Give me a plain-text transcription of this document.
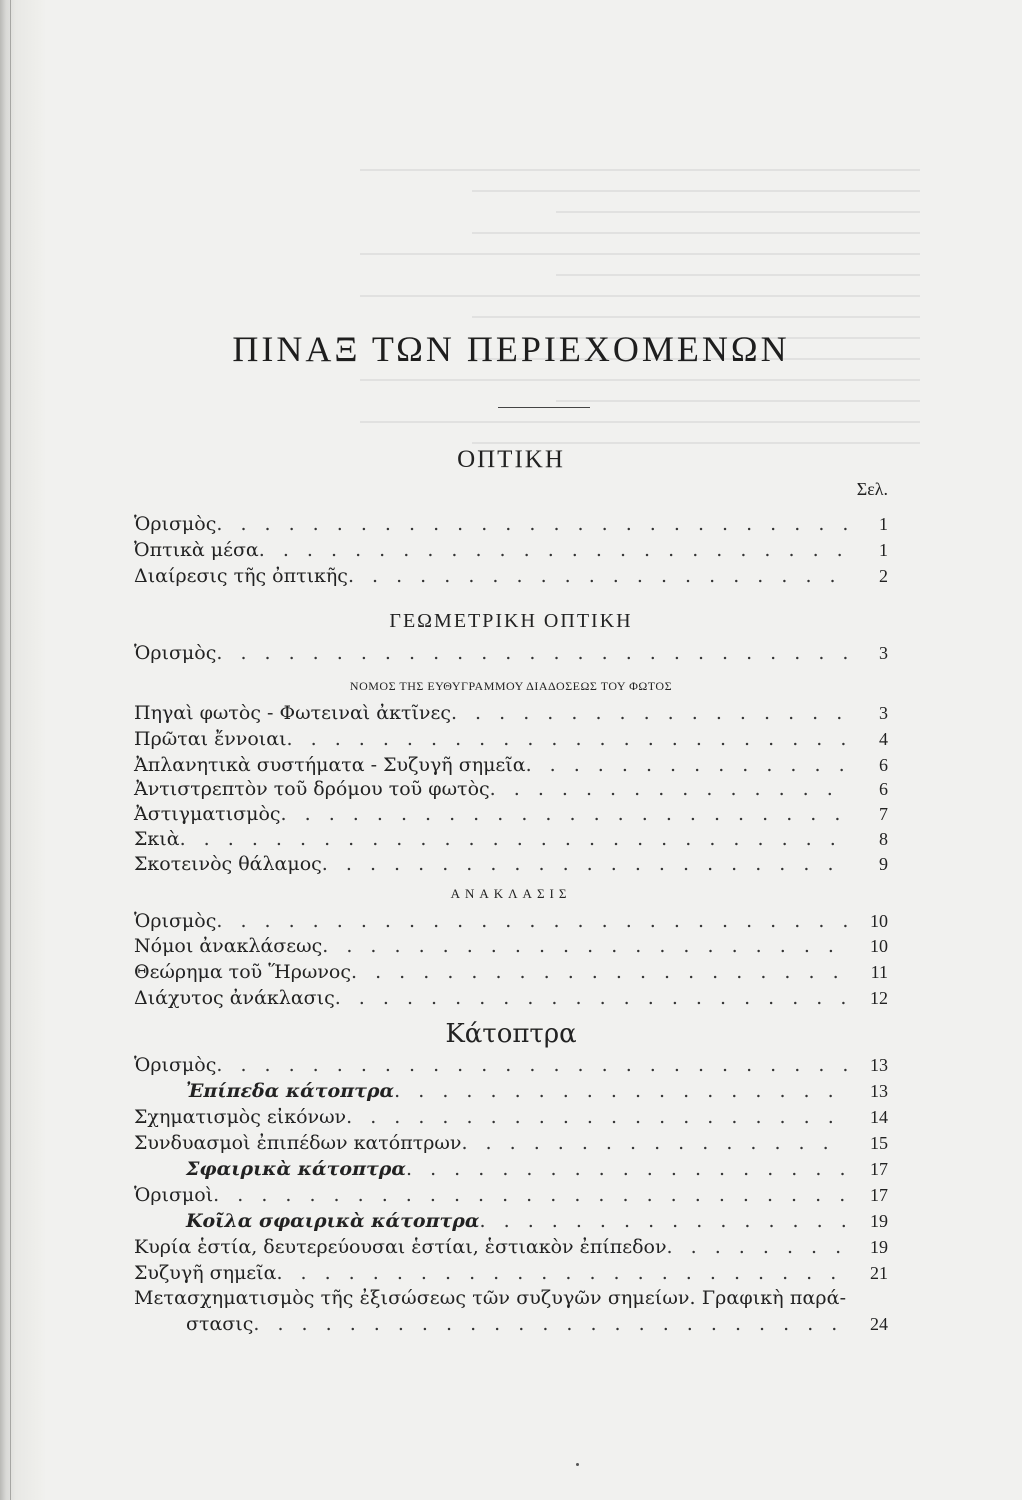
ΠΙΝΑΞ ΤΩΝ ΠΕΡΙΕΧΟΜΕΝΩΝ
ΟΠΤΙΚΗ
Σελ.
Ὁρισμὸς . . .	1
Ὀπτικὰ μέσα . . .	1
Διαίρεσις τῆς ὀπτικῆς . . .	2
ΓΕΩΜΕΤΡΙΚΗ ΟΠΤΙΚΗ
Ὁρισμὸς . . .	3
ΝΟΜΟΣ ΤΗΣ ΕΥΘΥΓΡΑΜΜΟΥ ΔΙΑΔΟΣΕΩΣ ΤΟΥ ΦΩΤΟΣ
Πηγαὶ φωτὸς - Φωτειναὶ ἀκτῖνες . . .	3
Πρῶται ἔννοιαι . . .	4
Ἀπλανητικὰ συστήματα - Συζυγῆ σημεῖα . . .	6
Ἀντιστρεπτὸν τοῦ δρόμου τοῦ φωτὸς . . .	6
Ἀστιγματισμὸς . . .	7
Σκιὰ . . .	8
Σκοτεινὸς θάλαμος . . .	9
ΑΝΑΚΛΑΣΙΣ
Ὁρισμὸς . . .	10
Νόμοι ἀνακλάσεως . . .	10
Θεώρημα τοῦ Ἥρωνος . . .	11
Διάχυτος ἀνάκλασις . . .	12
Κάτοπτρα
Ὁρισμὸς . . .	13
Ἐπίπεδα κάτοπτρα . . .	13
Σχηματισμὸς εἰκόνων . . .	14
Συνδυασμοὶ ἐπιπέδων κατόπτρων . . .	15
Σφαιρικὰ κάτοπτρα . . .	17
Ὁρισμοὶ . . .	17
Κοῖλα σφαιρικὰ κάτοπτρα . . .	19
Κυρία ἑστία, δευτερεύουσαι ἑστίαι, ἑστιακὸν ἐπίπεδον . . .	19
Συζυγῆ σημεῖα . . .	21
Μετασχηματισμὸς τῆς ἐξισώσεως τῶν συζυγῶν σημείων. Γραφικὴ παρά-
στασις . . .	24
